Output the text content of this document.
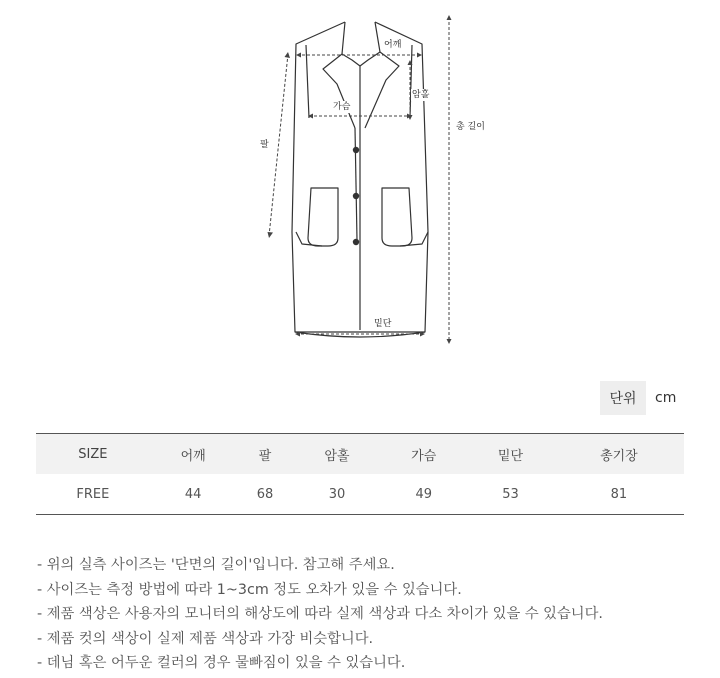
어깨
암홀
가슴
팔
총 길이
밑단
단위	cm
SIZE	어깨	팔	암홀	가슴	밑단	총기장
FREE	44	68	30	49	53	81
- 위의 실측 사이즈는 '단면의 길이'입니다. 참고해 주세요.
- 사이즈는 측정 방법에 따라 1~3cm 정도 오차가 있을 수 있습니다.
- 제품 색상은 사용자의 모니터의 해상도에 따라 실제 색상과 다소 차이가 있을 수 있습니다.
- 제품 컷의 색상이 실제 제품 색상과 가장 비슷합니다.
- 데님 혹은 어두운 컬러의 경우 물빠짐이 있을 수 있습니다.
